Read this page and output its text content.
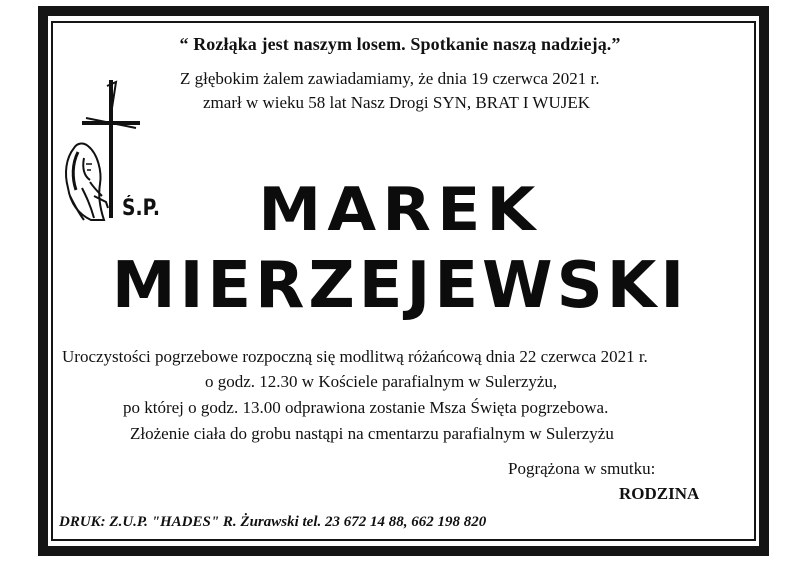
“ Rozłąka jest naszym losem. Spotkanie naszą nadzieją.”
Z głębokim żalem zawiadamiamy, że dnia 19 czerwca 2021 r.
zmarł w wieku 58 lat Nasz Drogi SYN, BRAT I WUJEK
Ś.P.	MAREK
MIERZEJEWSKI
Uroczystości pogrzebowe rozpoczną się modlitwą różańcową dnia 22 czerwca 2021 r.
o godz. 12.30 w Kościele parafialnym w Sulerzyżu,
po której o godz. 13.00 odprawiona zostanie Msza Święta pogrzebowa.
Złożenie ciała do grobu nastąpi na cmentarzu parafialnym w Sulerzyżu
Pogrążona w smutku:
RODZINA
DRUK: Z.U.P. "HADES" R. Żurawski tel. 23 672 14 88, 662 198 820
